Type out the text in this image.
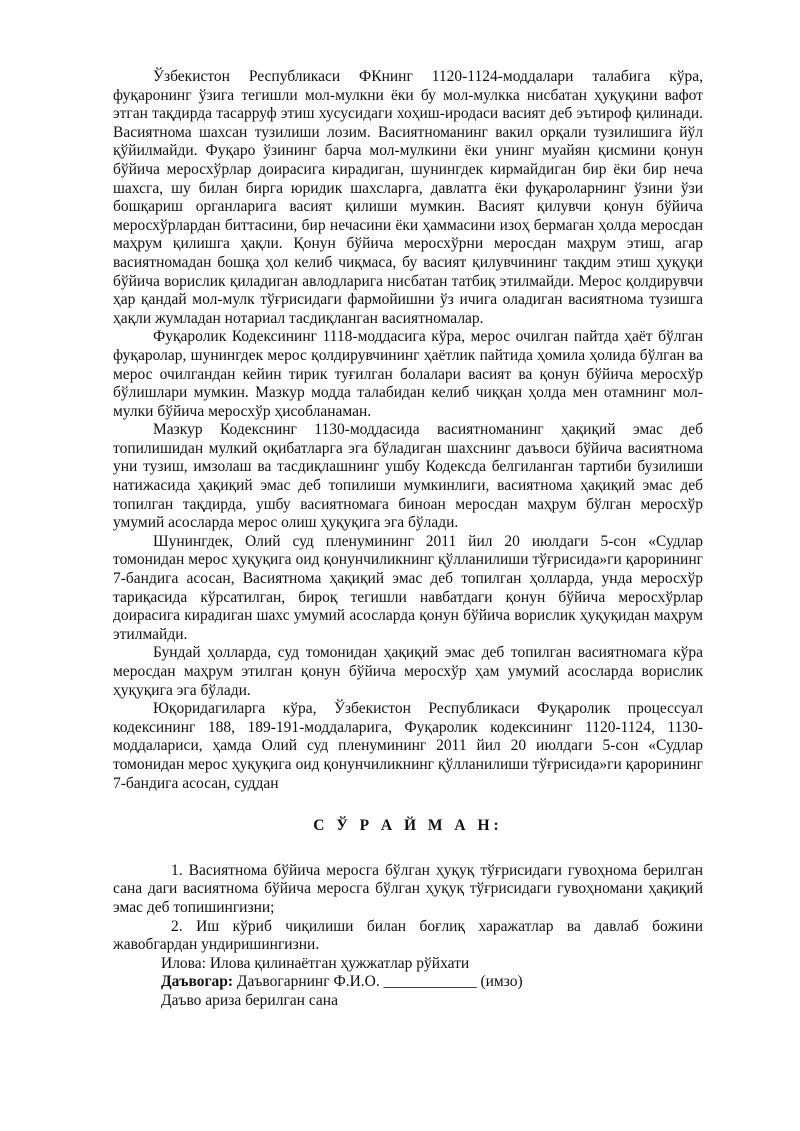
Ўзбекистон Республикаси ФКнинг 1120-1124-моддалари талабига кўра, фуқаронинг ўзига тегишли мол-мулкни ёки бу мол-мулкка нисбатан ҳуқуқини вафот этган тақдирда тасарруф этиш хусусидаги хоҳиш-иродаси васият деб эътироф қилинади. Васиятнома шахсан тузилиши лозим. Васиятноманинг вакил орқали тузилишига йўл қўйилмайди. Фуқаро ўзининг барча мол-мулкини ёки унинг муайян қисмини қонун бўйича меросхўрлар доирасига кирадиган, шунингдек кирмайдиган бир ёки бир неча шахсга, шу билан бирга юридик шахсларга, давлатга ёки фуқароларнинг ўзини ўзи бошқариш органларига васият қилиши мумкин. Васият қилувчи қонун бўйича меросхўрлардан биттасини, бир нечасини ёки ҳаммасини изоҳ бермаган ҳолда меросдан маҳрум қилишга ҳақли. Қонун бўйича меросхўрни меросдан маҳрум этиш, агар васиятномадан бошқа ҳол келиб чиқмаса, бу васият қилувчининг тақдим этиш ҳуқуқи бўйича ворислик қиладиган авлодларига нисбатан татбиқ этилмайди. Мерос қолдирувчи ҳар қандай мол-мулк тўғрисидаги фармойишни ўз ичига оладиган васиятнома тузишга ҳақли жумладан нотариал тасдиқланган васиятномалар.

Фуқаролик Кодексининг 1118-моддасига кўра, мерос очилган пайтда ҳаёт бўлган фуқаролар, шунингдек мерос қолдирувчининг ҳаётлик пайтида ҳомила ҳолида бўлган ва мерос очилгандан кейин тирик туғилган болалари васият ва қонун бўйича меросхўр бўлишлари мумкин. Мазкур модда талабидан келиб чиққан ҳолда мен отамнинг мол-мулки бўйича меросхўр ҳисобланаман.

Мазкур Кодекснинг 1130-моддасида васиятноманинг ҳақиқий эмас деб топилишидан мулкий оқибатларга эга бўладиган шахснинг даъвоси бўйича васиятнома уни тузиш, имзолаш ва тасдиқлашнинг ушбу Кодексда белгиланган тартиби бузилиши натижасида ҳақиқий эмас деб топилиши мумкинлиги, васиятнома ҳақиқий эмас деб топилган тақдирда, ушбу васиятномага биноан меросдан маҳрум бўлган меросхўр умумий асосларда мерос олиш ҳуқуқига эга бўлади.

Шунингдек, Олий суд пленумининг 2011 йил 20 июлдаги 5-сон «Судлар томонидан мерос ҳуқуқига оид қонунчиликнинг қўлланилиши тўғрисида»ги қарорининг 7-бандига асосан, Васиятнома ҳақиқий эмас деб топилган ҳолларда, унда меросхўр тариқасида кўрсатилган, бироқ тегишли навбатдаги қонун бўйича меросхўрлар доирасига кирадиган шахс умумий асосларда қонун бўйича ворислик ҳуқуқидан маҳрум этилмайди.

Бундай ҳолларда, суд томонидан ҳақиқий эмас деб топилган васиятномага кўра меросдан маҳрум этилган қонун бўйича меросхўр ҳам умумий асосларда ворислик ҳуқуқига эга бўлади.

Юқоридагиларга кўра, Ўзбекистон Республикаси Фуқаролик процессуал кодексининг 188, 189-191-моддаларига, Фуқаролик кодексининг 1120-1124, 1130-моддалариси, ҳамда Олий суд пленумининг 2011 йил 20 июлдаги 5-сон «Судлар томонидан мерос ҳуқуқига оид қонунчиликнинг қўлланилиши тўғрисида»ги қарорининг 7-бандига асосан, суддан

С Ў Р А Й М А Н:

1. Васиятнома бўйича меросга бўлган ҳуқуқ тўғрисидаги гувоҳнома берилган сана даги васиятнома бўйича меросга бўлган ҳуқуқ тўғрисидаги гувоҳномани ҳақиқий эмас деб топишингизни;

2. Иш кўриб чиқилиши билан боғлиқ харажатлар ва давлаб божини жавобгардан ундиришингизни.

Илова: Илова қилинаётган ҳужжатлар рўйхати

Даъвогар: Даъвогарнинг Ф.И.О. ____________ (имзо)

Даъво ариза берилган сана
